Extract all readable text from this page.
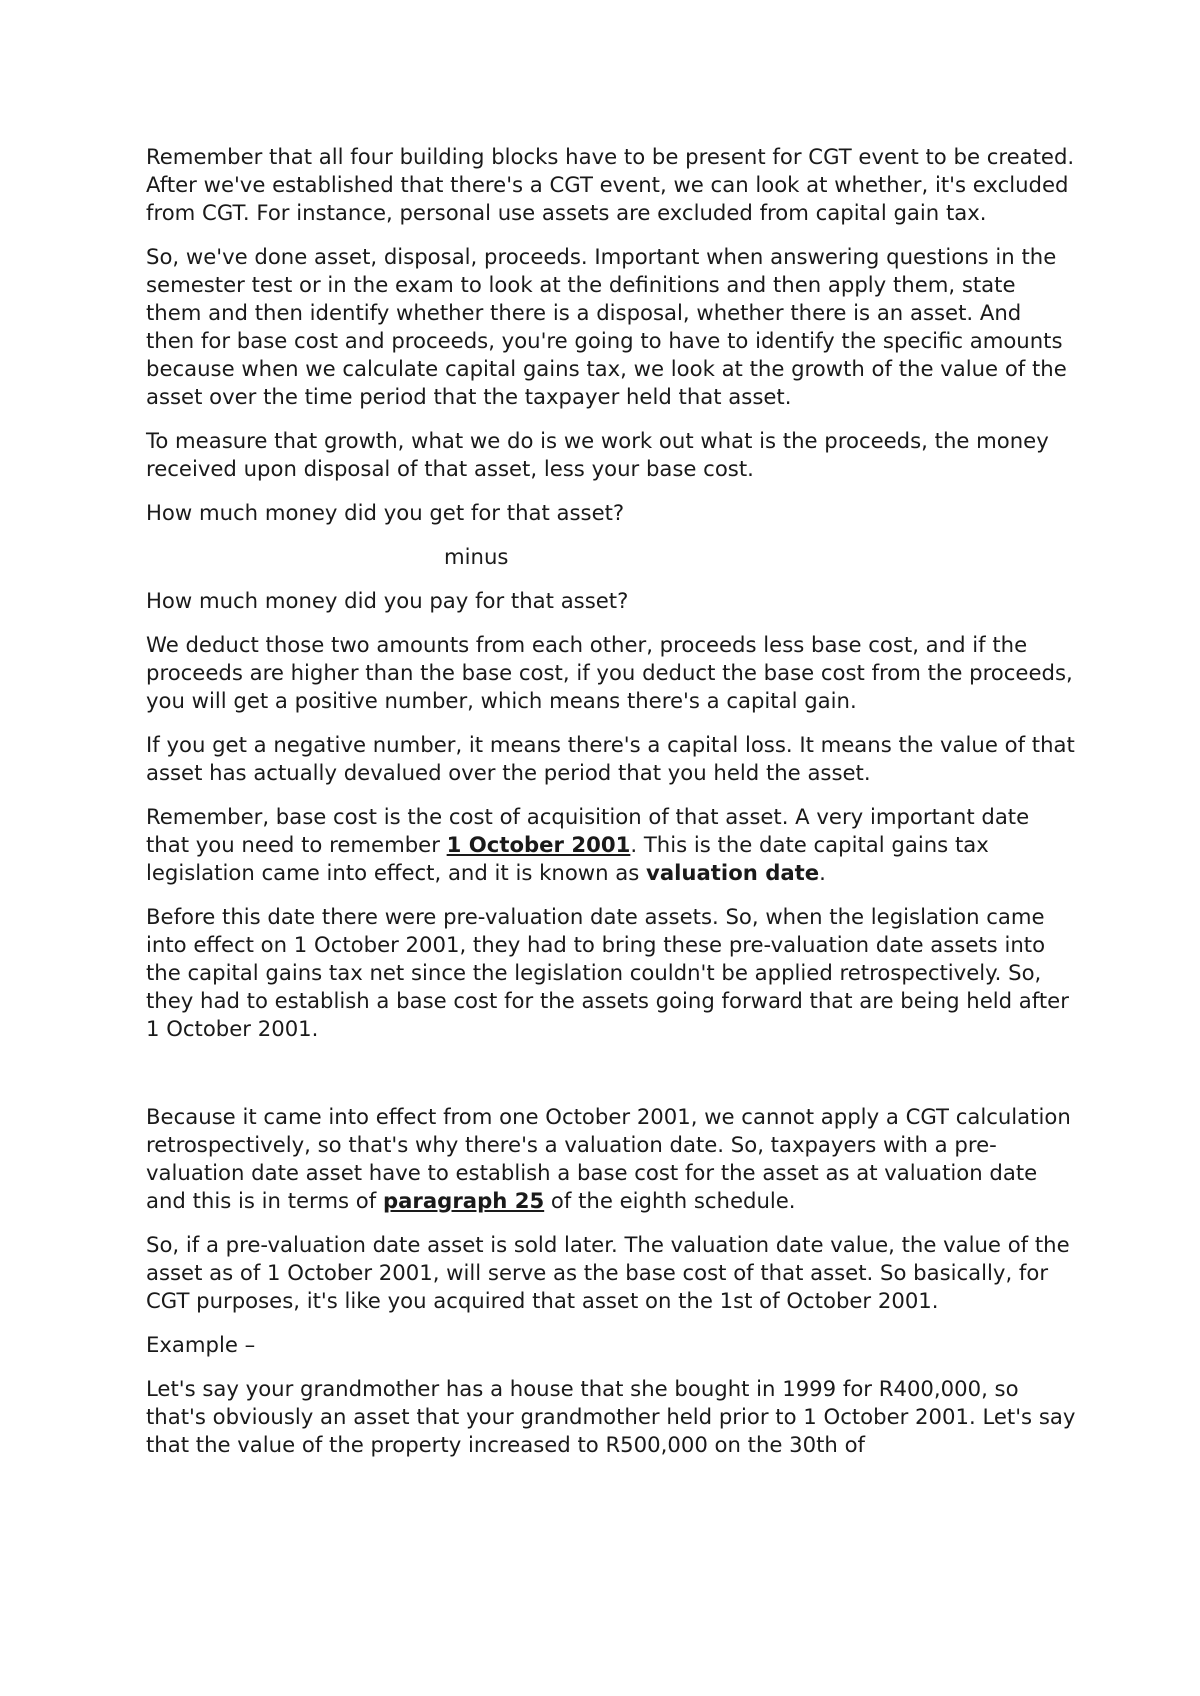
Remember that all four building blocks have to be present for CGT event to be created. After we've established that there's a CGT event, we can look at whether, it's excluded from CGT. For instance, personal use assets are excluded from capital gain tax.

So, we've done asset, disposal, proceeds. Important when answering questions in the semester test or in the exam to look at the definitions and then apply them, state them and then identify whether there is a disposal, whether there is an asset. And then for base cost and proceeds, you're going to have to identify the specific amounts because when we calculate capital gains tax, we look at the growth of the value of the asset over the time period that the taxpayer held that asset.

To measure that growth, what we do is we work out what is the proceeds, the money received upon disposal of that asset, less your base cost.

How much money did you get for that asset?

minus

How much money did you pay for that asset?

We deduct those two amounts from each other, proceeds less base cost, and if the proceeds are higher than the base cost, if you deduct the base cost from the proceeds, you will get a positive number, which means there's a capital gain.

If you get a negative number, it means there's a capital loss. It means the value of that asset has actually devalued over the period that you held the asset.

Remember, base cost is the cost of acquisition of that asset. A very important date that you need to remember 1 October 2001. This is the date capital gains tax legislation came into effect, and it is known as valuation date.

Before this date there were pre-valuation date assets. So, when the legislation came into effect on 1 October 2001, they had to bring these pre-valuation date assets into the capital gains tax net since the legislation couldn't be applied retrospectively. So, they had to establish a base cost for the assets going forward that are being held after 1 October 2001.

Because it came into effect from one October 2001, we cannot apply a CGT calculation retrospectively, so that's why there's a valuation date. So, taxpayers with a pre-valuation date asset have to establish a base cost for the asset as at valuation date and this is in terms of paragraph 25 of the eighth schedule.

So, if a pre-valuation date asset is sold later. The valuation date value, the value of the asset as of 1 October 2001, will serve as the base cost of that asset. So basically, for CGT purposes, it's like you acquired that asset on the 1st of October 2001.

Example –

Let's say your grandmother has a house that she bought in 1999 for R400,000, so that's obviously an asset that your grandmother held prior to 1 October 2001. Let's say that the value of the property increased to R500,000 on the 30th of
